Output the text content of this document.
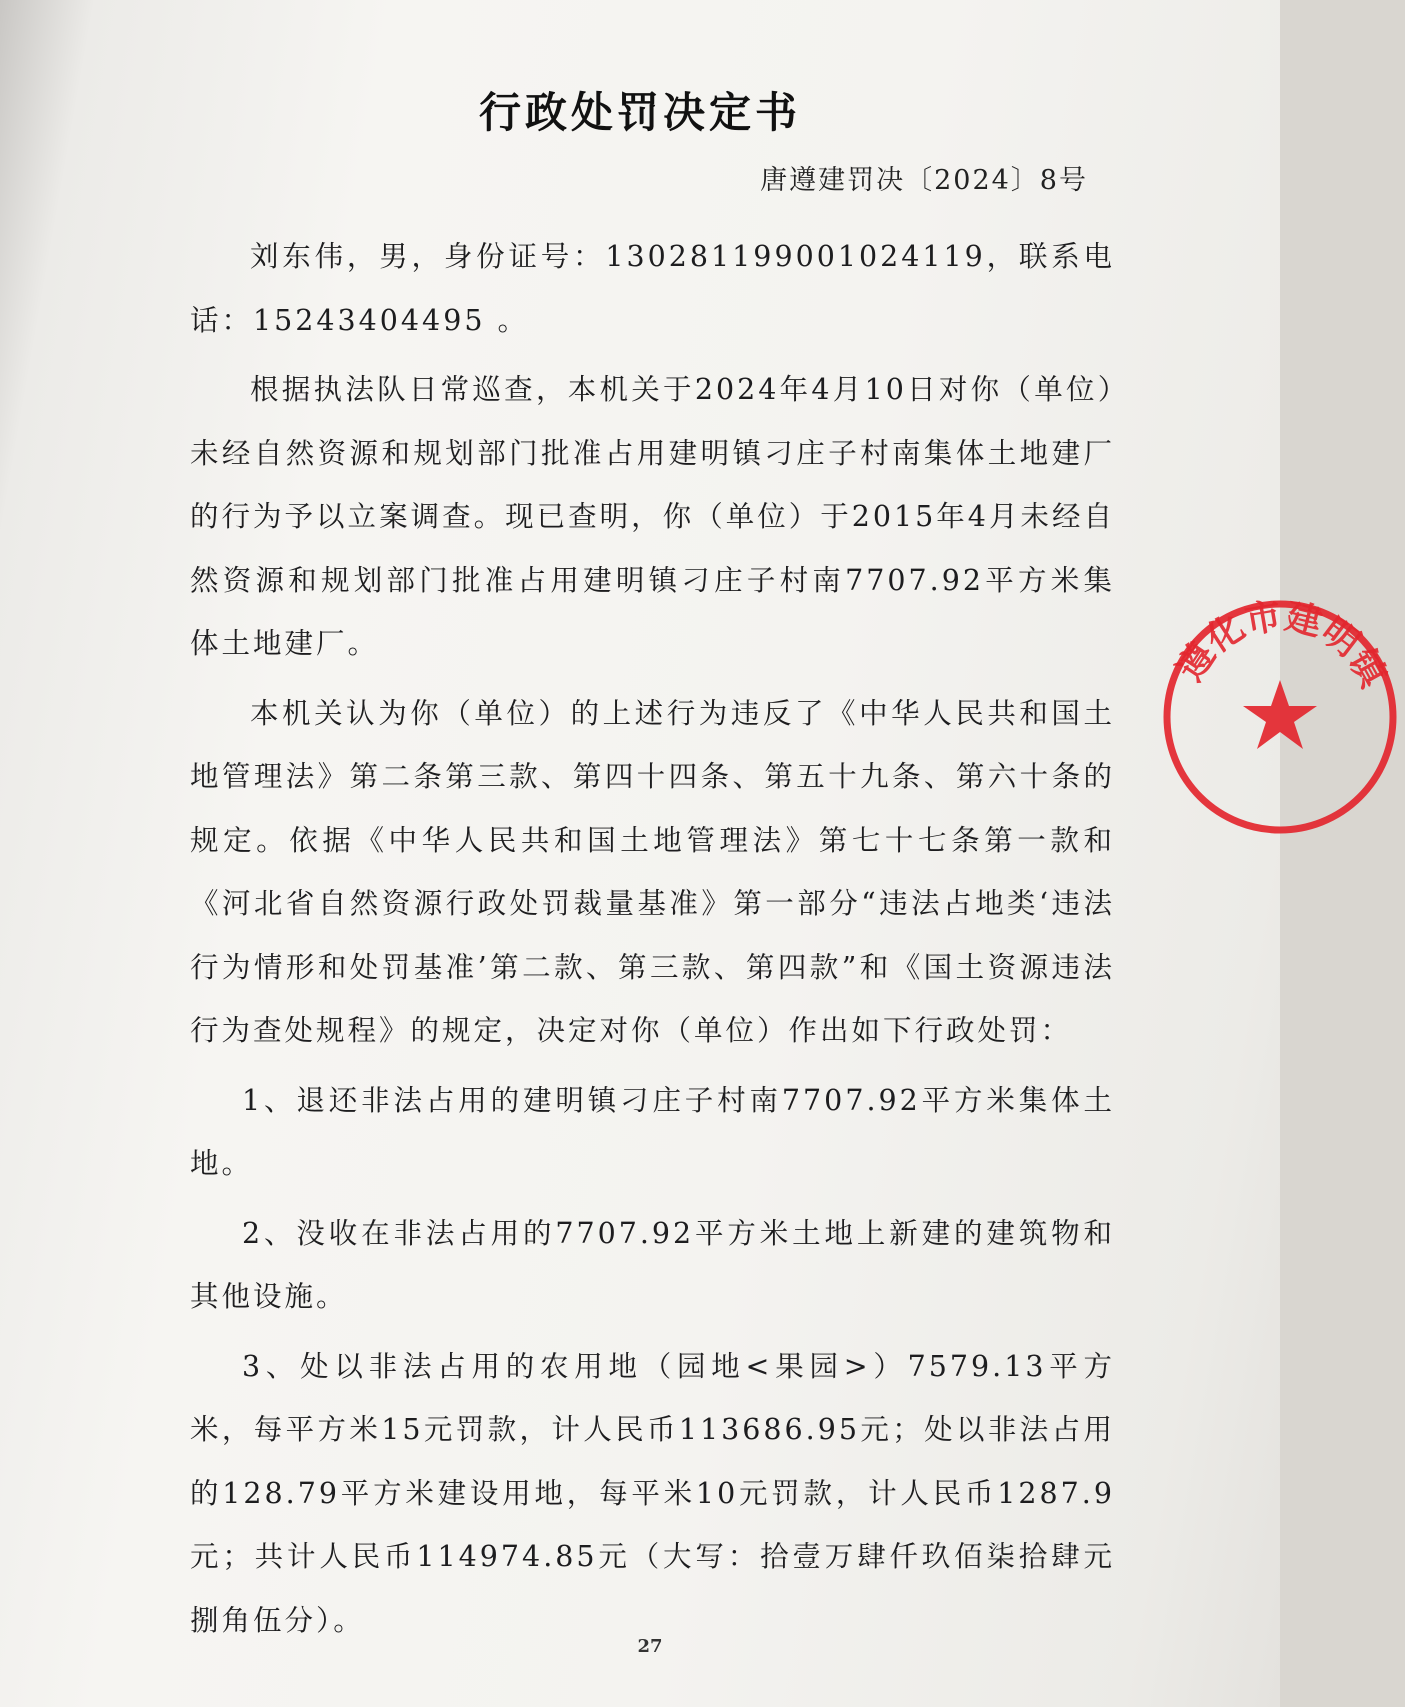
行政处罚决定书
唐遵建罚决〔2024〕8号

刘东伟，男，身份证号：130281199001024119，联系电话：15243404495 。

根据执法队日常巡查，本机关于2024年4月10日对你（单位）未经自然资源和规划部门批准占用建明镇刁庄子村南集体土地建厂的行为予以立案调查。现已查明，你（单位）于2015年4月未经自然资源和规划部门批准占用建明镇刁庄子村南7707.92平方米集体土地建厂。

本机关认为你（单位）的上述行为违反了《中华人民共和国土地管理法》第二条第三款、第四十四条、第五十九条、第六十条的规定。依据《中华人民共和国土地管理法》第七十七条第一款和《河北省自然资源行政处罚裁量基准》第一部分“违法占地类‘违法行为情形和处罚基准’第二款、第三款、第四款”和《国土资源违法行为查处规程》的规定，决定对你（单位）作出如下行政处罚：

1、退还非法占用的建明镇刁庄子村南7707.92平方米集体土地。

2、没收在非法占用的7707.92平方米土地上新建的建筑物和其他设施。

3、处以非法占用的农用地（园地<果园>）7579.13平方米，每平方米15元罚款，计人民币113686.95元；处以非法占用的128.79平方米建设用地，每平米10元罚款，计人民币1287.9元；共计人民币114974.85元（大写：拾壹万肆仟玖佰柒拾肆元捌角伍分）。

遵化市建明镇
27
